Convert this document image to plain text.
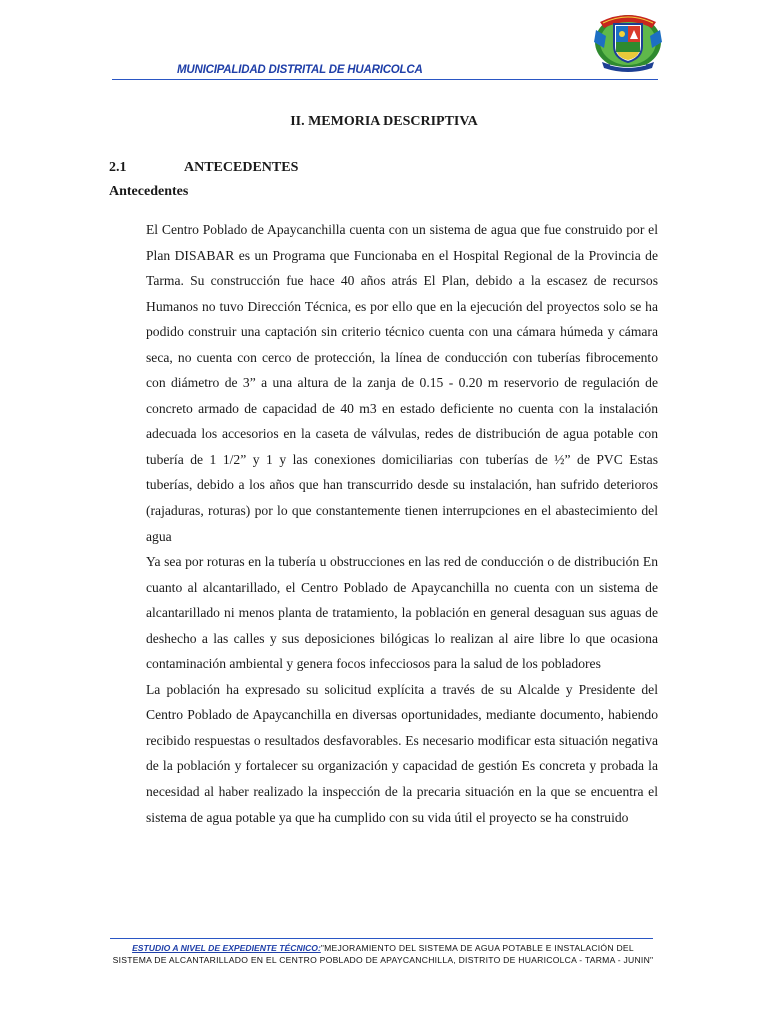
MUNICIPALIDAD DISTRITAL DE HUARICOLCA
II. MEMORIA DESCRIPTIVA
2.1	ANTECEDENTES
Antecedentes

El Centro Poblado de Apaycanchilla cuenta con un sistema de agua que fue construido por el Plan DISABAR es un Programa que Funcionaba en el Hospital Regional de la Provincia de Tarma. Su construcción fue hace 40 años atrás El Plan, debido a la escasez de recursos Humanos no tuvo Dirección Técnica, es por ello que en la ejecución del proyectos solo se ha podido construir una captación sin criterio técnico cuenta con una cámara húmeda y cámara seca, no cuenta con cerco de protección, la línea de conducción con tuberías fibrocemento con diámetro de 3” a una altura de la zanja de 0.15 - 0.20 m reservorio de regulación de concreto armado de capacidad de 40 m3 en estado deficiente no cuenta con la instalación adecuada los accesorios en la caseta de válvulas, redes de distribución de agua potable con tubería de 1 1/2” y 1 y las conexiones domiciliarias con tuberías de ½” de PVC Estas tuberías, debido a los años que han transcurrido desde su instalación, han sufrido deterioros (rajaduras, roturas) por lo que constantemente tienen interrupciones en el abastecimiento del agua

Ya sea por roturas en la tubería u obstrucciones en las red de conducción o de distribución En cuanto al alcantarillado, el Centro Poblado de Apaycanchilla no cuenta con un sistema de alcantarillado ni menos planta de tratamiento, la población en general desaguan sus aguas de deshecho a las calles y sus deposiciones bilógicas lo realizan al aire libre lo que ocasiona contaminación ambiental y genera focos infecciosos para la salud de los pobladores

La población ha expresado su solicitud explícita a través de su Alcalde y Presidente del Centro Poblado de Apaycanchilla en diversas oportunidades, mediante documento, habiendo recibido respuestas o resultados desfavorables. Es necesario modificar esta situación negativa de la población y fortalecer su organización y capacidad de gestión Es concreta y probada la necesidad al haber realizado la inspección de la precaria situación en la que se encuentra el sistema de agua potable ya que ha cumplido con su vida útil el proyecto se ha construido

ESTUDIO A NIVEL DE EXPEDIENTE TÉCNICO:"MEJORAMIENTO DEL SISTEMA DE AGUA POTABLE E INSTALACIÓN DEL SISTEMA DE ALCANTARILLADO EN EL CENTRO POBLADO DE APAYCANCHILLA, DISTRITO DE HUARICOLCA - TARMA - JUNIN"
